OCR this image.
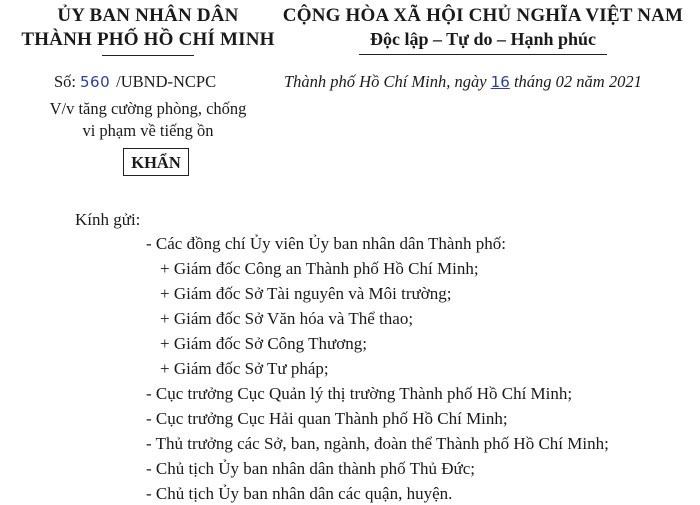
ỦY BAN NHÂN DÂN
THÀNH PHỐ HỒ CHÍ MINH
CỘNG HÒA XÃ HỘI CHỦ NGHĨA VIỆT NAM
Độc lập – Tự do – Hạnh phúc
Số: 560 /UBND-NCPC	Thành phố Hồ Chí Minh, ngày 16 tháng 02 năm 2021
V/v tăng cường phòng, chống
vi phạm về tiếng ồn
KHẨN
Kính gửi:
- Các đồng chí Ủy viên Ủy ban nhân dân Thành phố:
+ Giám đốc Công an Thành phố Hồ Chí Minh;
+ Giám đốc Sở Tài nguyên và Môi trường;
+ Giám đốc Sở Văn hóa và Thể thao;
+ Giám đốc Sở Công Thương;
+ Giám đốc Sở Tư pháp;
- Cục trưởng Cục Quản lý thị trường Thành phố Hồ Chí Minh;
- Cục trưởng Cục Hải quan Thành phố Hồ Chí Minh;
- Thủ trưởng các Sở, ban, ngành, đoàn thể Thành phố Hồ Chí Minh;
- Chủ tịch Ủy ban nhân dân thành phố Thủ Đức;
- Chủ tịch Ủy ban nhân dân các quận, huyện.
